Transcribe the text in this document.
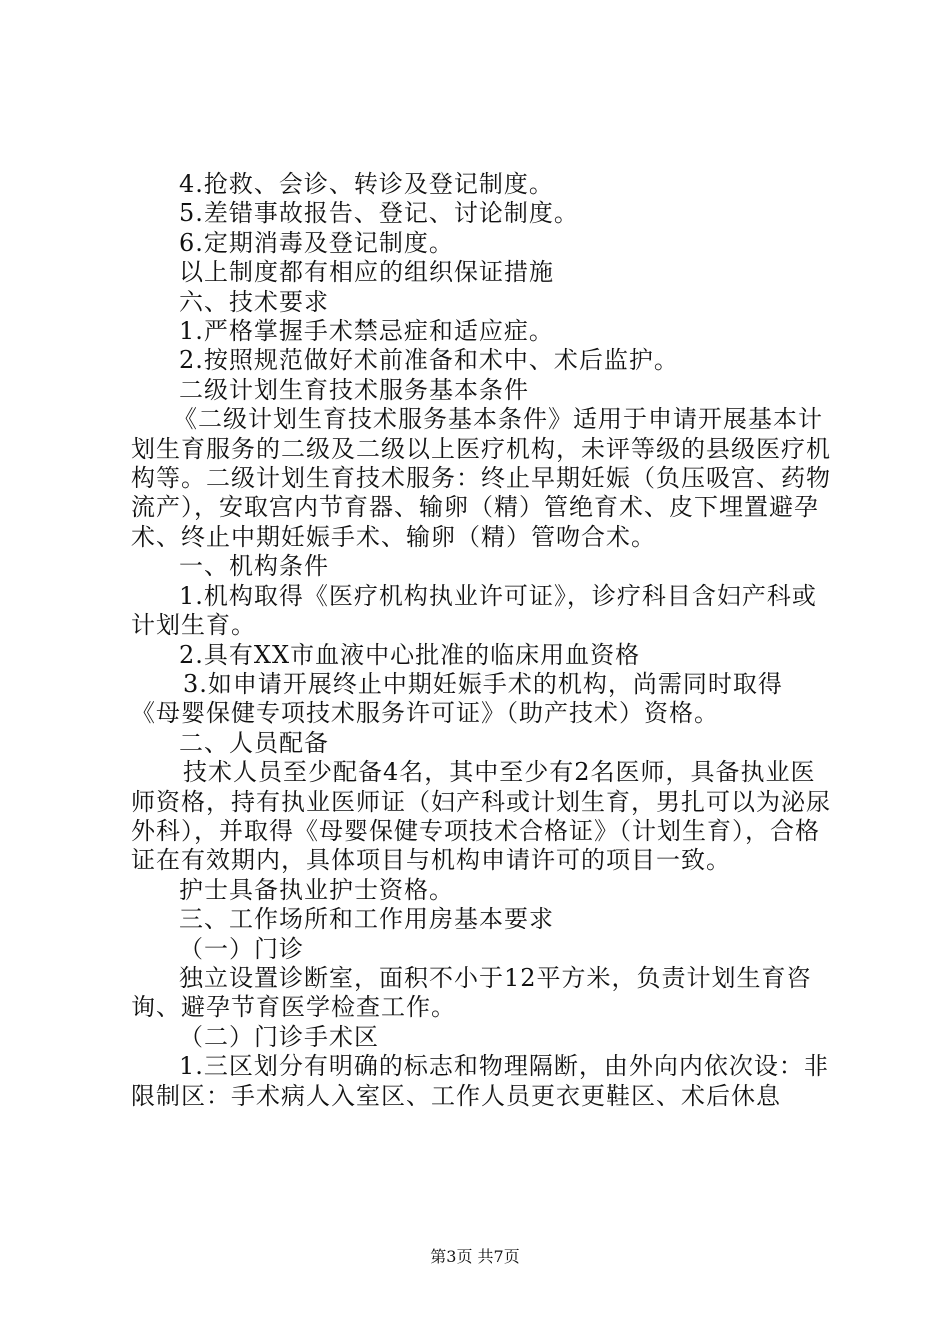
4.抢救、会诊、转诊及登记制度。

5.差错事故报告、登记、讨论制度。

6.定期消毒及登记制度。

以上制度都有相应的组织保证措施

六、技术要求

1.严格掌握手术禁忌症和适应症。

2.按照规范做好术前准备和术中、术后监护。

二级计划生育技术服务基本条件

《二级计划生育技术服务基本条件》适用于申请开展基本计划生育服务的二级及二级以上医疗机构，未评等级的县级医疗机构等。二级计划生育技术服务：终止早期妊娠（负压吸宫、药物流产），安取宫内节育器、输卵（精）管绝育术、皮下埋置避孕术、终止中期妊娠手术、输卵（精）管吻合术。

一、机构条件

1.机构取得《医疗机构执业许可证》，诊疗科目含妇产科或计划生育。

2.具有XX市血液中心批准的临床用血资格

3.如申请开展终止中期妊娠手术的机构，尚需同时取得《母婴保健专项技术服务许可证》（助产技术）资格。

二、人员配备

技术人员至少配备4名，其中至少有2名医师，具备执业医师资格，持有执业医师证（妇产科或计划生育，男扎可以为泌尿外科），并取得《母婴保健专项技术合格证》（计划生育），合格证在有效期内，具体项目与机构申请许可的项目一致。

护士具备执业护士资格。

三、工作场所和工作用房基本要求

（一）门诊

独立设置诊断室，面积不小于12平方米，负责计划生育咨询、避孕节育医学检查工作。

（二）门诊手术区

1.三区划分有明确的标志和物理隔断，由外向内依次设：非限制区：手术病人入室区、工作人员更衣更鞋区、术后休息

第3页 共7页
